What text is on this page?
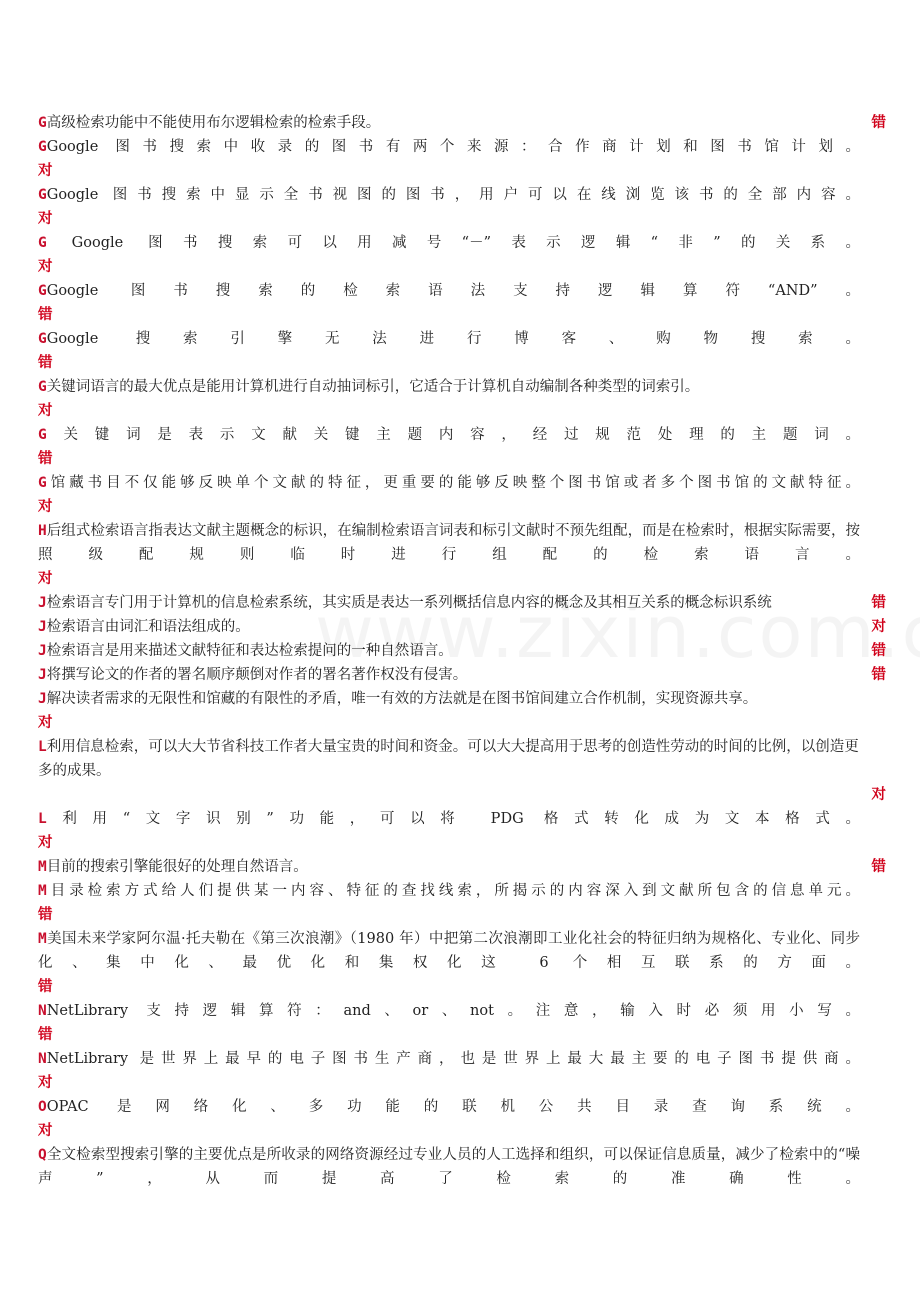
G高级检索功能中不能使用布尔逻辑检索的检索手段。	错
GGoogle 图书搜索中收录的图书有两个来源：合作商计划和图书馆计划。
对
GGoogle 图书搜索中显示全书视图的图书，用户可以在线浏览该书的全部内容。
对
G Google 图书搜索可以用减号“－”表示逻辑“非”的关系。
对
GGoogle 图书搜索的检索语法支持逻辑算符“AND”。
错
GGoogle 搜索引擎无法进行博客、购物搜索。
错
G关键词语言的最大优点是能用计算机进行自动抽词标引，它适合于计算机自动编制各种类型的词索引。
对
G关键词是表示文献关键主题内容，经过规范处理的主题词。
错
G馆藏书目不仅能够反映单个文献的特征，更重要的能够反映整个图书馆或者多个图书馆的文献特征。
对
H后组式检索语言指表达文献主题概念的标识，在编制检索语言词表和标引文献时不预先组配，而是在检索时，根据实际需要，按照级配规则临时进行组配的检索语言。
对
J检索语言专门用于计算机的信息检索系统，其实质是表达一系列概括信息内容的概念及其相互关系的概念标识系统	错
J检索语言由词汇和语法组成的。	对
J检索语言是用来描述文献特征和表达检索提问的一种自然语言。	错
J将撰写论文的作者的署名顺序颠倒对作者的署名著作权没有侵害。	错
J解决读者需求的无限性和馆藏的有限性的矛盾，唯一有效的方法就是在图书馆间建立合作机制，实现资源共享。
对
L利用信息检索，可以大大节省科技工作者大量宝贵的时间和资金。可以大大提高用于思考的创造性劳动的时间的比例，以创造更多的成果。
对
L利用“文字识别”功能，可以将 PDG 格式转化成为文本格式。
对
M目前的搜索引擎能很好的处理自然语言。	错
M目录检索方式给人们提供某一内容、特征的查找线索，所揭示的内容深入到文献所包含的信息单元。
错
M美国未来学家阿尔温·托夫勒在《第三次浪潮》（1980 年）中把第二次浪潮即工业化社会的特征归纳为规格化、专业化、同步化、集中化、最优化和集权化这 6 个相互联系的方面。
错
NNetLibrary 支持逻辑算符：and、or、not。注意，输入时必须用小写。
错
NNetLibrary 是世界上最早的电子图书生产商，也是世界上最大最主要的电子图书提供商。
对
OOPAC 是网络化、多功能的联机公共目录查询系统。
对
Q全文检索型搜索引擎的主要优点是所收录的网络资源经过专业人员的人工选择和组织，可以保证信息质量，减少了检索中的“噪声”，从而提高了检索的准确性。
